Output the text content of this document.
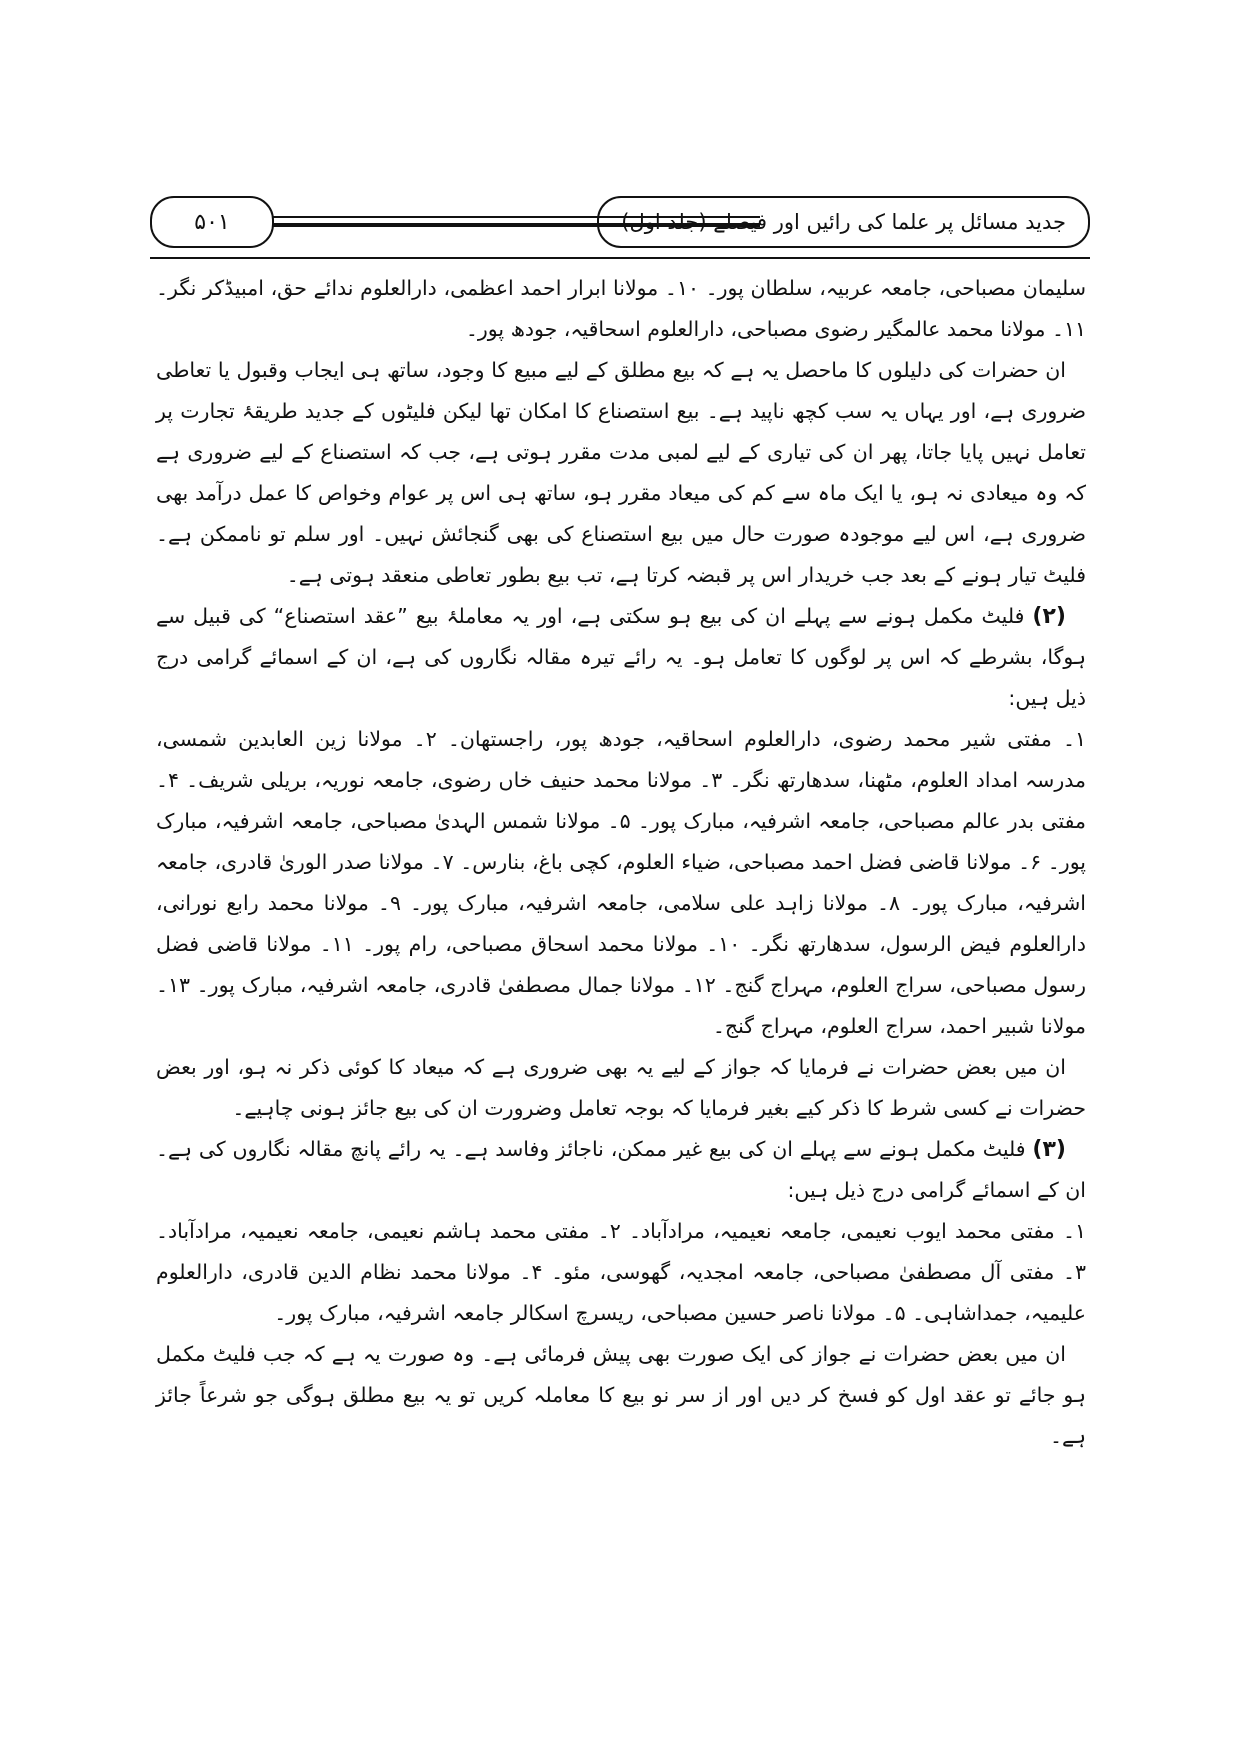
جدید مسائل پر علما کی رائیں اور فیصلے (جلد اول)
۵۰۱

سلیمان مصباحی، جامعہ عربیہ، سلطان پور۔ ۱۰۔ مولانا ابرار احمد اعظمی، دارالعلوم ندائے حق، امبیڈکر نگر۔ ۱۱۔ مولانا محمد عالمگیر رضوی مصباحی، دارالعلوم اسحاقیہ، جودھ پور۔

ان حضرات کی دلیلوں کا ماحصل یہ ہے کہ بیع مطلق کے لیے مبیع کا وجود، ساتھ ہی ایجاب وقبول یا تعاطی ضروری ہے، اور یہاں یہ سب کچھ ناپید ہے۔ بیع استصناع کا امکان تھا لیکن فلیٹوں کے جدید طریقۂ تجارت پر تعامل نہیں پایا جاتا، پھر ان کی تیاری کے لیے لمبی مدت مقرر ہوتی ہے، جب کہ استصناع کے لیے ضروری ہے کہ وہ میعادی نہ ہو، یا ایک ماہ سے کم کی میعاد مقرر ہو، ساتھ ہی اس پر عوام وخواص کا عمل درآمد بھی ضروری ہے، اس لیے موجودہ صورت حال میں بیع استصناع کی بھی گنجائش نہیں۔ اور سلم تو ناممکن ہے۔ فلیٹ تیار ہونے کے بعد جب خریدار اس پر قبضہ کرتا ہے، تب بیع بطور تعاطی منعقد ہوتی ہے۔

(۲) فلیٹ مکمل ہونے سے پہلے ان کی بیع ہو سکتی ہے، اور یہ معاملۂ بیع ”عقد استصناع“ کی قبیل سے ہوگا، بشرطے کہ اس پر لوگوں کا تعامل ہو۔ یہ رائے تیرہ مقالہ نگاروں کی ہے، ان کے اسمائے گرامی درج ذیل ہیں:

۱۔ مفتی شیر محمد رضوی، دارالعلوم اسحاقیہ، جودھ پور، راجستھان۔ ۲۔ مولانا زین العابدین شمسی، مدرسہ امداد العلوم، مٹھنا، سدھارتھ نگر۔ ۳۔ مولانا محمد حنیف خاں رضوی، جامعہ نوریہ، بریلی شریف۔ ۴۔ مفتی بدر عالم مصباحی، جامعہ اشرفیہ، مبارک پور۔ ۵۔ مولانا شمس الہدیٰ مصباحی، جامعہ اشرفیہ، مبارک پور۔ ۶۔ مولانا قاضی فضل احمد مصباحی، ضیاء العلوم، کچی باغ، بنارس۔ ۷۔ مولانا صدر الوریٰ قادری، جامعہ اشرفیہ، مبارک پور۔ ۸۔ مولانا زاہد علی سلامی، جامعہ اشرفیہ، مبارک پور۔ ۹۔ مولانا محمد رابع نورانی، دارالعلوم فیض الرسول، سدھارتھ نگر۔ ۱۰۔ مولانا محمد اسحاق مصباحی، رام پور۔ ۱۱۔ مولانا قاضی فضل رسول مصباحی، سراج العلوم، مہراج گنج۔ ۱۲۔ مولانا جمال مصطفیٰ قادری، جامعہ اشرفیہ، مبارک پور۔ ۱۳۔ مولانا شبیر احمد، سراج العلوم، مہراج گنج۔

ان میں بعض حضرات نے فرمایا کہ جواز کے لیے یہ بھی ضروری ہے کہ میعاد کا کوئی ذکر نہ ہو، اور بعض حضرات نے کسی شرط کا ذکر کیے بغیر فرمایا کہ بوجہ تعامل وضرورت ان کی بیع جائز ہونی چاہیے۔

(۳) فلیٹ مکمل ہونے سے پہلے ان کی بیع غیر ممکن، ناجائز وفاسد ہے۔ یہ رائے پانچ مقالہ نگاروں کی ہے۔ ان کے اسمائے گرامی درج ذیل ہیں:

۱۔ مفتی محمد ایوب نعیمی، جامعہ نعیمیہ، مرادآباد۔ ۲۔ مفتی محمد ہاشم نعیمی، جامعہ نعیمیہ، مرادآباد۔ ۳۔ مفتی آل مصطفیٰ مصباحی، جامعہ امجدیہ، گھوسی، مئو۔ ۴۔ مولانا محمد نظام الدین قادری، دارالعلوم علیمیہ، جمداشاہی۔ ۵۔ مولانا ناصر حسین مصباحی، ریسرچ اسکالر جامعہ اشرفیہ، مبارک پور۔

ان میں بعض حضرات نے جواز کی ایک صورت بھی پیش فرمائی ہے۔ وہ صورت یہ ہے کہ جب فلیٹ مکمل ہو جائے تو عقد اول کو فسخ کر دیں اور از سر نو بیع کا معاملہ کریں تو یہ بیع مطلق ہوگی جو شرعاً جائز ہے۔
